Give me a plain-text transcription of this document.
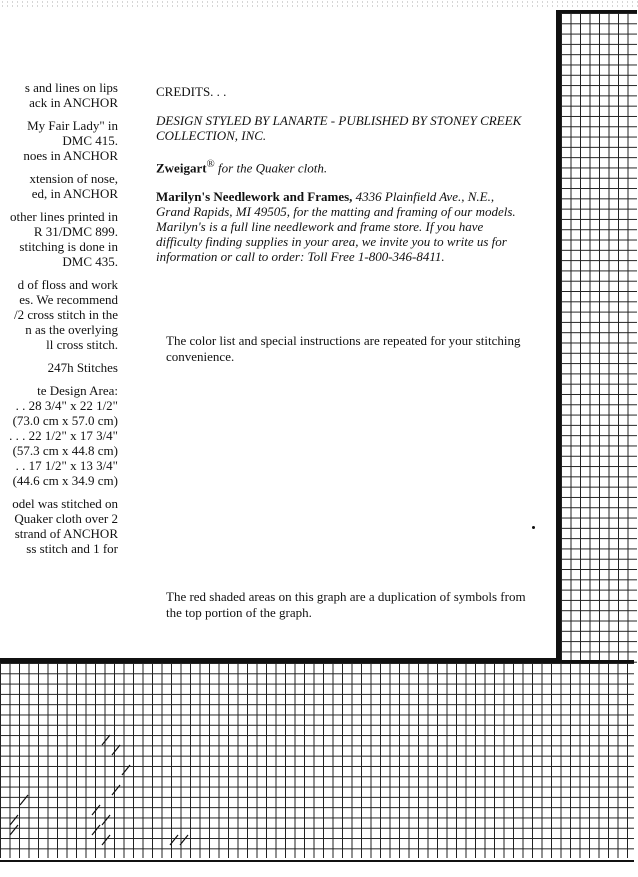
s and lines on lips
ack in ANCHOR
My Fair Lady" in
DMC 415.
noes in ANCHOR
xtension of nose,
ed, in ANCHOR
other lines printed in
R 31/DMC 899.
stitching is done in
DMC 435.
d of floss and work
es. We recommend
/2 cross stitch in the
n as the overlying
ll cross stitch.
247h Stitches
te Design Area:
. . 28 3/4" x 22 1/2"
(73.0 cm x 57.0 cm)
. . . 22 1/2" x 17 3/4"
(57.3 cm x 44.8 cm)
. . 17 1/2" x 13 3/4"
(44.6 cm x 34.9 cm)
odel was stitched on
Quaker cloth over 2
strand of ANCHOR
ss stitch and 1 for

CREDITS. . .

DESIGN STYLED BY LANARTE - PUBLISHED BY STONEY CREEK COLLECTION, INC.

Zweigart® for the Quaker cloth.

Marilyn's Needlework and Frames, 4336 Plainfield Ave., N.E., Grand Rapids, MI 49505, for the matting and framing of our models. Marilyn's is a full line needlework and frame store. If you have difficulty finding supplies in your area, we invite you to write us for information or call to order: Toll Free 1-800-346-8411.

The color list and special instructions are repeated for your stitching convenience.
The red shaded areas on this graph are a duplication of symbols from the top portion of the graph.
